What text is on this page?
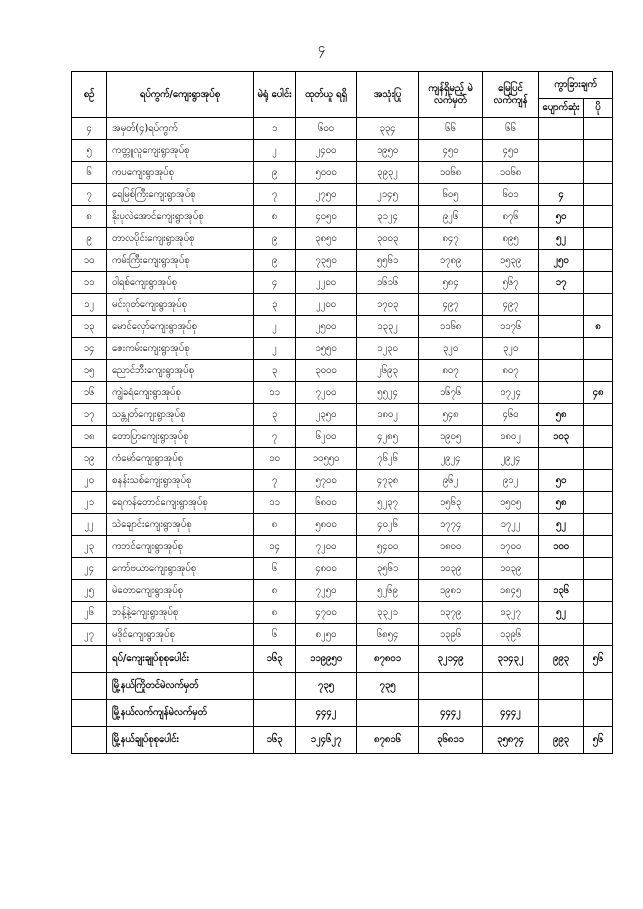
၄
စဉ်	ရပ်ကွက်/ကျေးရွာအုပ်စု	မဲရုံ ပေါင်း	ထုတ်ယူ ရရှိ	အသုံးပြု	ကျန်ရှိမည့် မဲလက်မှတ်	မြေပြင် လက်ကျန်	ကွာခြားချက်	
							ပျောက်ဆုံး	ပို
၄	အမှတ်(၄)ရပ်ကွက်	၁	၆၀၀	၃၃၄	၆၆	၆၆		
၅	ကတ္တူလူကျေးရွာအုပ်စု	၂	၂၄၀၀	၁၉၅၀	၄၅၀	၄၅၀		
၆	ကပကျေးရွာအုပ်စု	၉	၅၀၀၀	၃၉၃၂	၁၀၆၈	၁၀၆၈		
၇	ရေမြစ်ကြီးကျေးရွာအုပ်စု	၇	၂၇၅၀	၂၁၄၅	၆၀၅	၆၀၁	၄	
၈	နိုးပုလဲအောင်ကျေးရွာအုပ်စု	၈	၄၀၅၀	၃၁၂၄	၉၂၆	၈၇၆	၅၀	
၉	တာလပိုင်းကျေးရွာအုပ်စု	၉	၃၈၅၀	၃၀၀၃	၈၄၇	၈၉၅	၅၂	
၁၀	ကမ်းကြီးကျေးရွာအုပ်စု	၉	၇၃၅၀	၅၅၆၁	၁၇၈၉	၁၅၃၉	၂၅၀	
၁၁	ဝါရစ်ကျေးရွာအုပ်စု	၄	၂၂၀၀	၁၆၁၆	၅၈၄	၅၆၇	၁၇	
၁၂	မင်းဂုတ်ကျေးရွာအုပ်စု	၃	၂၂၀၀	၁၇၀၃	၄၉၇	၄၉၇		
၁၃	မောင်လှော်ကျေးရွာအုပ်စု	၂	၂၅၀၀	၁၃၃၂	၁၁၆၈	၁၁၇၆		၈
၁၄	ဇေးကမ်းကျေးရွာအုပ်စု	၂	၁၅၅၀	၁၂၃၀	၃၂၀	၃၂၀		
၁၅	ညောင်ဘီးကျေးရွာအုပ်စု	၃	၃၀၀၀	၂၆၉၃	၈၀၇	၈၀၇		
၁၆	ကျွဲခရံကျေးရွာအုပ်စု	၁၁	၇၂၀၀	၅၅၂၄	၁၆၇၆	၁၇၂၄		၄၈
၁၇	သန္တုတ်ကျေးရွာအုပ်စု	၃	၂၃၅၀	၁၈၀၂	၅၄၈	၄၆၀	၅၈	
၁၈	တောပြာကျေးရွာအုပ်စု	၇	၆၂၀၀	၄၂၈၅	၁၉၀၅	၁၈၀၂	၁၀၃	
၁၉	ကံမော်ကျေးရွာအုပ်စု	၁၀	၁၀၅၅၀	၇၆၂၆	၂၉၂၄	၂၉၂၄		
၂၀	စနန်းသစ်ကျေးရွာအုပ်စု	၇	၅၇၀၀	၄၇၃၈	၉၆၂	၉၁၂	၅၀	
၂၁	ရေကန်တောင်ကျေးရွာအုပ်စု	၁၁	၆၈၀၀	၅၂၃၇	၁၅၆၃	၁၅၀၅	၅၈	
၂၂	သဲချောင်းကျေးရွာအုပ်စု	၈	၅၈၀၀	၄၀၂၆	၁၇၇၄	၁၇၂၂	၅၂	
၂၃	ကဘင်ကျေးရွာအုပ်စု	၁၄	၇၂၀၀	၅၄၀၀	၁၈၀၀	၁၇၀၀	၁၀၀	
၂၄	ကော်ဗယာကျေးရွာအုပ်စု	၆	၄၈၀၀	၃၅၆၁	၁၀၃၉	၁၀၃၉		
၂၅	မဲတောကျေးရွာအုပ်စု	၈	၇၂၅၀	၅၂၆၉	၁၉၈၁	၁၈၄၅	၁၃၆	
၂၆	ဘန့်နဲ့ကျေးရွာအုပ်စု	၈	၄၇၀၀	၃၃၂၁	၁၃၇၉	၁၃၂၇	၅၂	
၂၇	မဒိုင်ကျေးရွာအုပ်စု	၆	၈၂၅၀	၆၈၅၄	၁၃၉၆	၁၃၉၆		
	ရပ်/ကျေးချုပ်စုစုပေါင်း	၁၆၃	၁၁၉၉၅၀	၈၇၈၀၁	၃၂၁၄၉	၃၁၄၃၂	၉၉၃	၅၆
	မြို့နယ်ကြိုတင်မဲလက်မှတ်		၇၃၅	၇၃၅				
	မြို့နယ်လက်ကျန်မဲလက်မှတ်		၄၄၄၂		၄၄၄၂	၄၄၄၂		
	မြို့နယ်ချုပ်စုစုပေါင်း	၁၆၃	၁၂၄၆၂၇	၈၇၈၁၆	၃၆၈၁၁	၃၅၈၇၄	၉၉၃	၅၆
